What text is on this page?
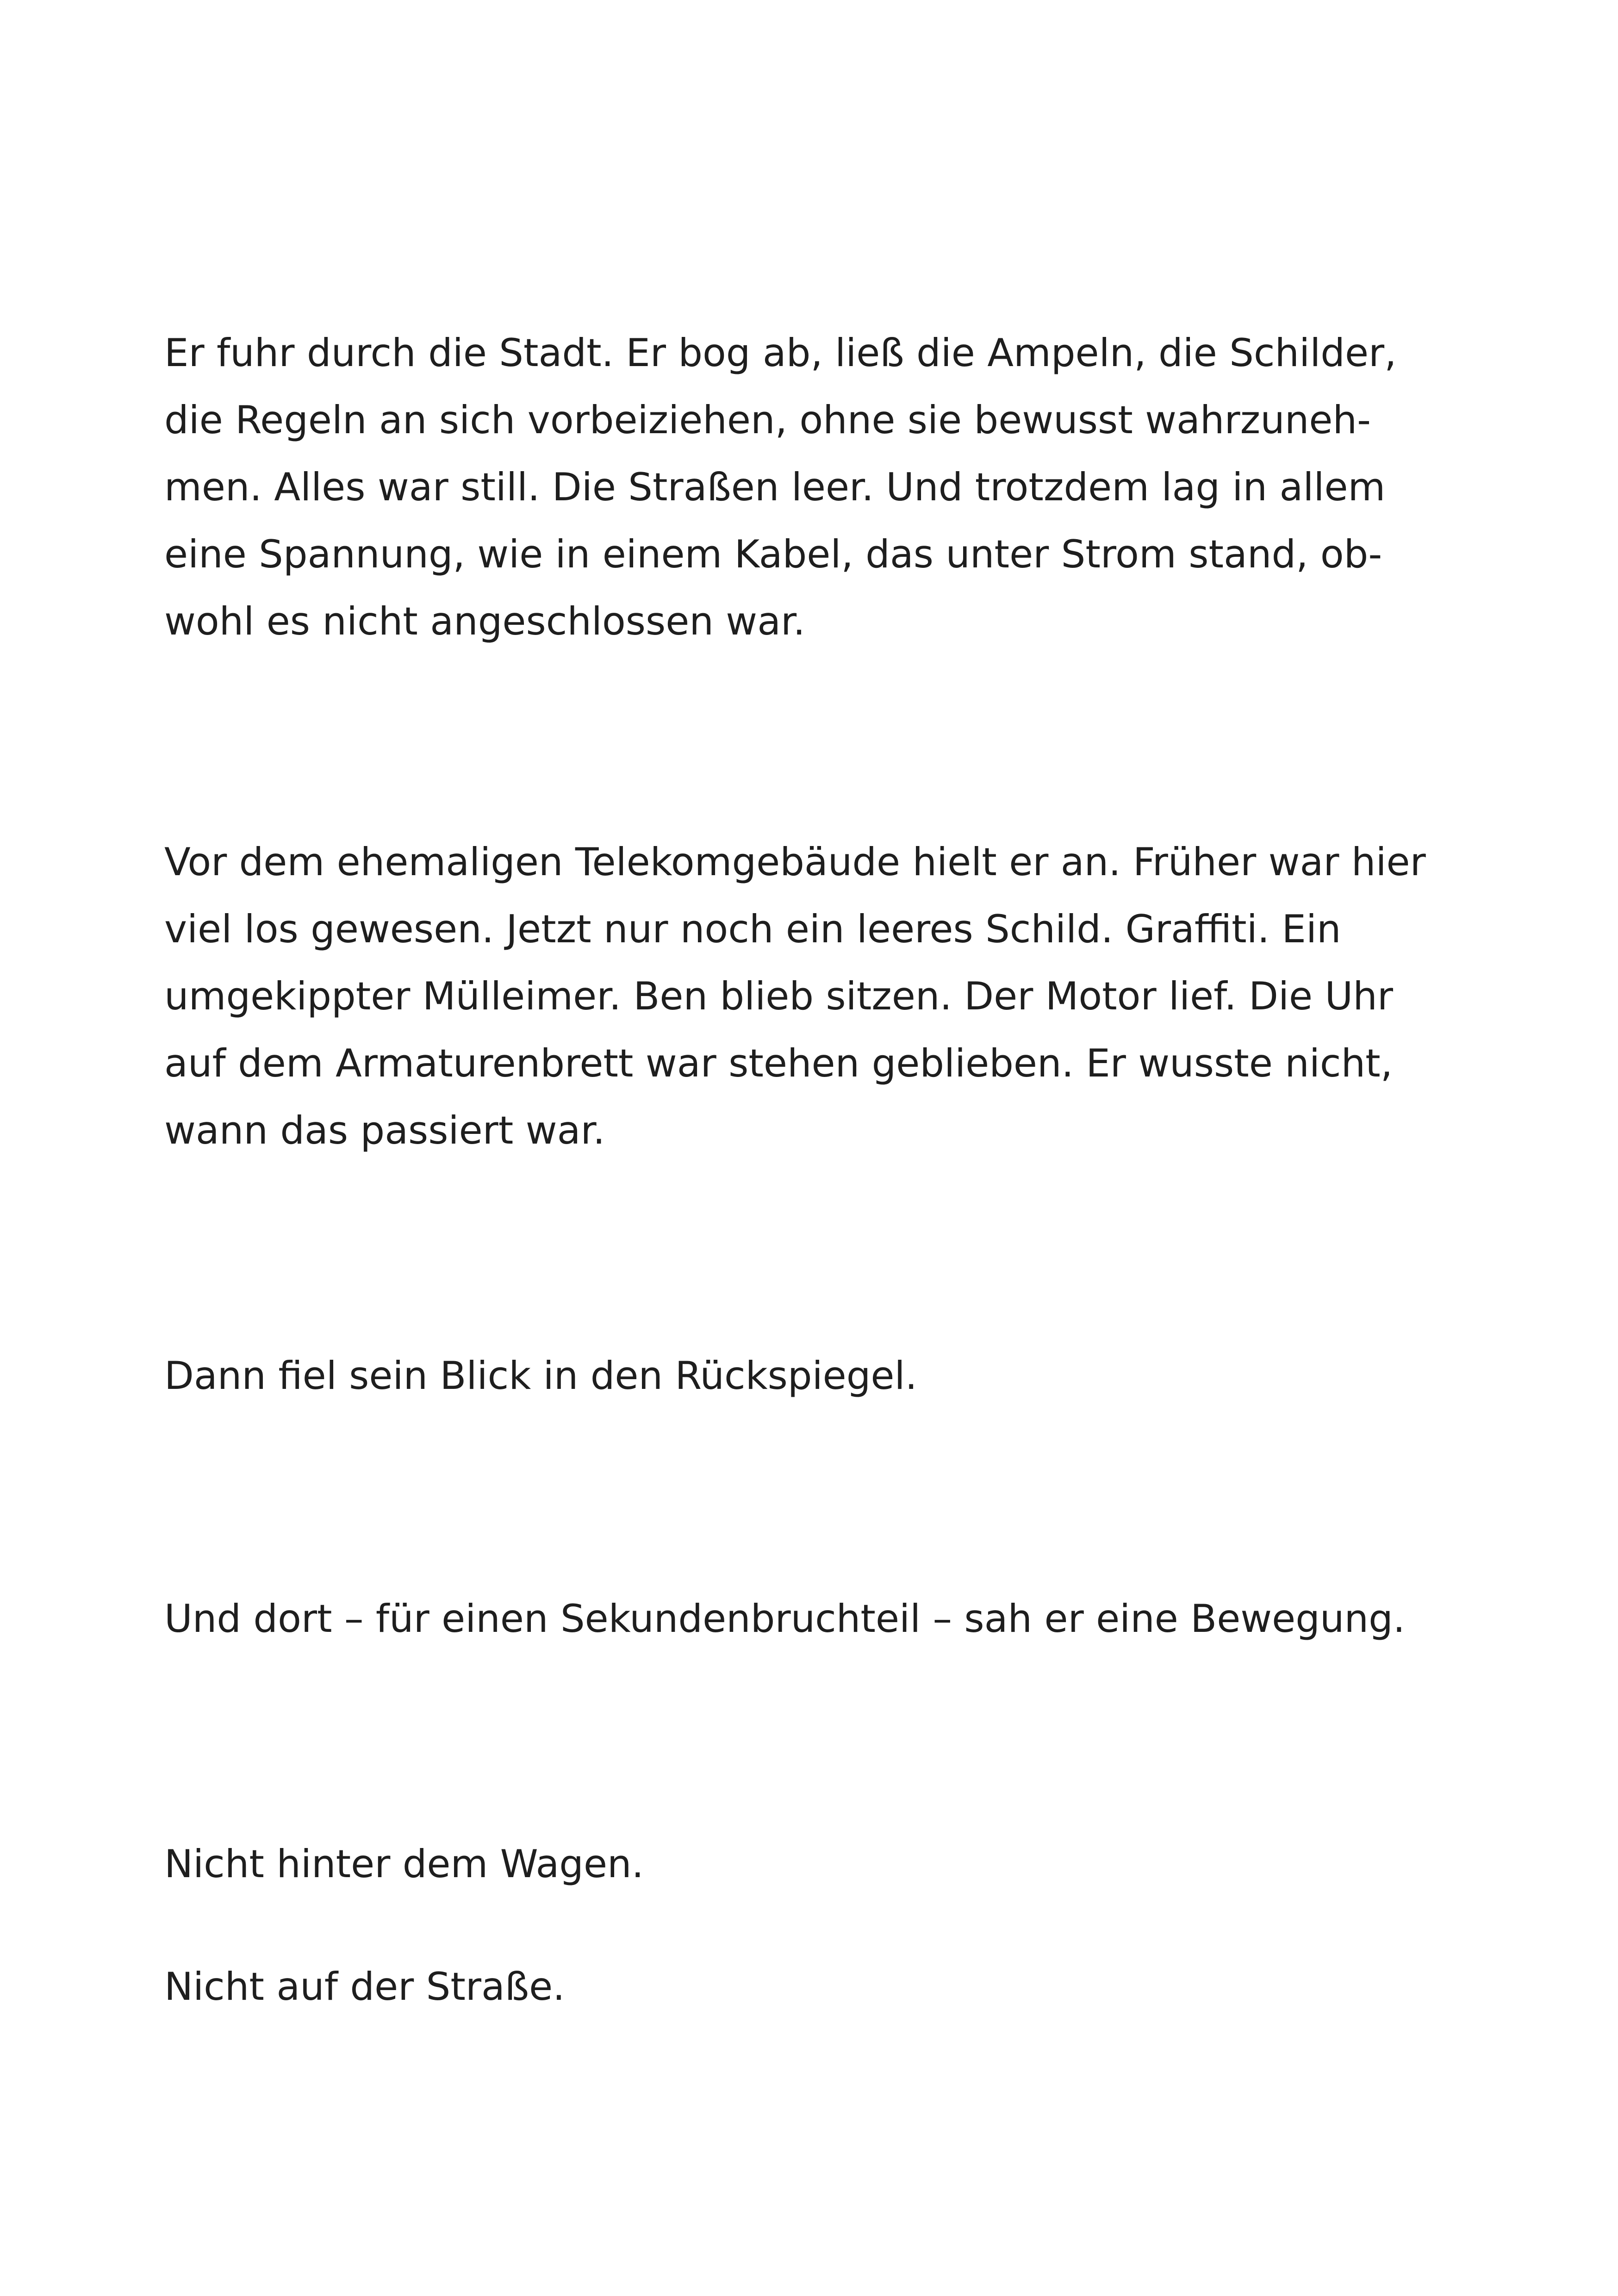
Er fuhr durch die Stadt. Er bog ab, ließ die Ampeln, die Schilder,
die Regeln an sich vorbeiziehen, ohne sie bewusst wahrzuneh-
men. Alles war still. Die Straßen leer. Und trotzdem lag in allem
eine Spannung, wie in einem Kabel, das unter Strom stand, ob-
wohl es nicht angeschlossen war.

Vor dem ehemaligen Telekomgebäude hielt er an. Früher war hier
viel los gewesen. Jetzt nur noch ein leeres Schild. Graffiti. Ein
umgekippter Mülleimer. Ben blieb sitzen. Der Motor lief. Die Uhr
auf dem Armaturenbrett war stehen geblieben. Er wusste nicht,
wann das passiert war.

Dann fiel sein Blick in den Rückspiegel.

Und dort – für einen Sekundenbruchteil – sah er eine Bewegung.

Nicht hinter dem Wagen.

Nicht auf der Straße.
